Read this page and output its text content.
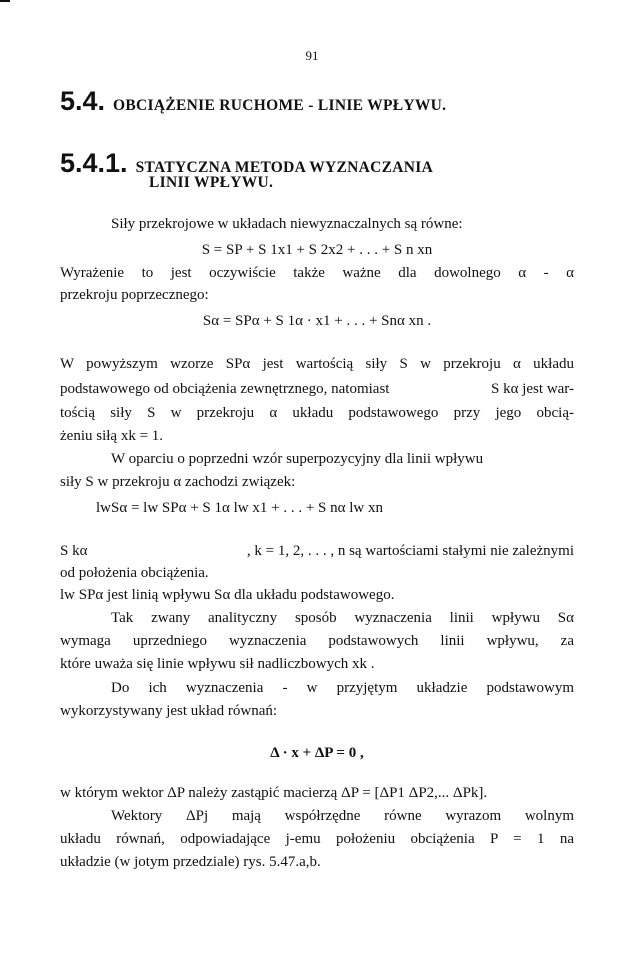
91
5.4. OBCIĄŻENIE RUCHOME - LINIE WPŁYWU.
5.4.1. STATYCZNA METODA WYZNACZANIA
LINII WPŁYWU.
Siły przekrojowe w układach niewyznaczalnych są równe:
S = SP + S 1x1 + S 2x2 + . . . + S n xn
Wyrażenie to jest oczywiście także ważne dla dowolnego α - α
przekroju poprzecznego:
Sα = SPα + S 1α · x1 + . . . + Snα xn .
W powyższym wzorze SPα jest wartością siły S w przekroju α układu
podstawowego od obciążenia zewnętrznego, natomiast	S kα jest war-
tością siły S w przekroju α układu podstawowego przy jego obcią-
żeniu siłą xk = 1.
W oparciu o poprzedni wzór superpozycyjny dla linii wpływu
siły S w przekroju α zachodzi związek:
lwSα = lw SPα + S 1α lw x1 + . . . + S nα lw xn
S kα	, k = 1, 2, . . . , n są wartościami stałymi nie zależnymi
od położenia obciążenia.
lw SPα jest linią wpływu Sα dla układu podstawowego.
Tak zwany analityczny sposób wyznaczenia linii wpływu Sα
wymaga uprzedniego wyznaczenia podstawowych linii wpływu, za
które uważa się linie wpływu sił nadliczbowych xk .
Do ich wyznaczenia - w przyjętym układzie podstawowym
wykorzystywany jest układ równań:
Δ · x + ΔP = 0 ,
w którym wektor ΔP należy zastąpić macierzą ΔP = [ΔP1 ΔP2,... ΔPk].
Wektory ΔPj mają współrzędne równe wyrazom wolnym
układu równań, odpowiadające j-emu położeniu obciążenia P = 1 na
układzie (w jotym przedziale) rys. 5.47.a,b.
